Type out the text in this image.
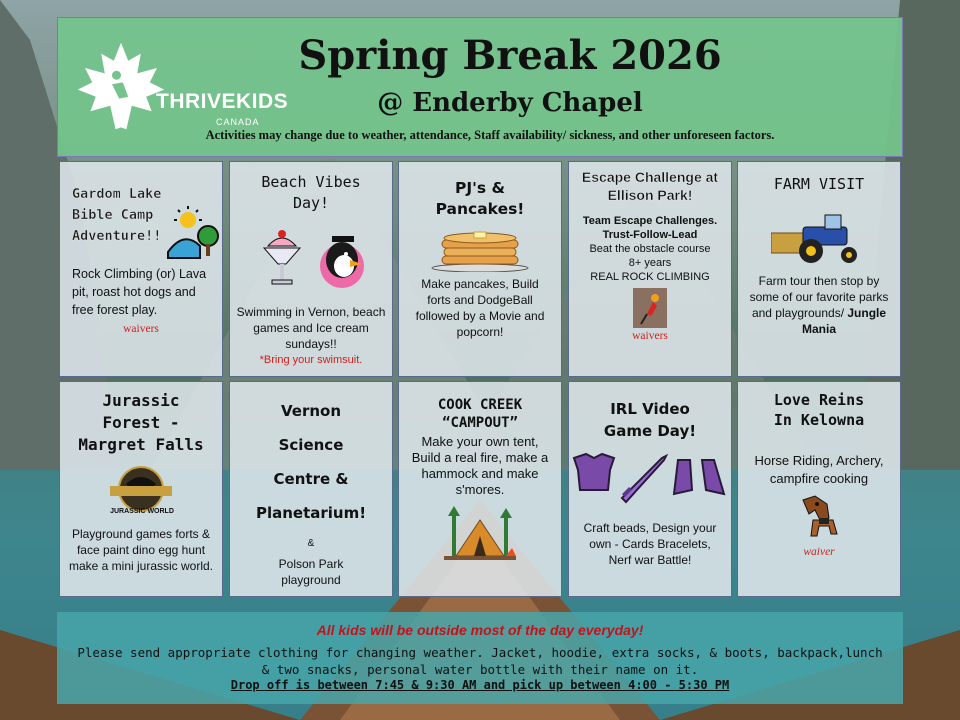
THRIVEKIDS
CANADA
Spring Break 2026
@ Enderby Chapel
Activities may change due to weather, attendance, Staff availability/ sickness, and other unforeseen factors.
Gardom Lake Bible Camp Adventure!!
Rock Climbing (or) Lava pit, roast hot dogs and free forest play.
waivers
Beach Vibes Day!
Swimming in Vernon, beach games and Ice cream sundays!!
*Bring your swimsuit.
PJ's & Pancakes!
Make pancakes, Build forts and DodgeBall followed by a Movie and popcorn!
Escape Challenge at Ellison Park!
Team Escape Challenges.
Trust-Follow-Lead
Beat the obstacle course
8+ years
REAL ROCK CLIMBING
waivers
FARM VISIT
Farm tour then stop by some of our favorite parks and playgrounds/ Jungle Mania
Jurassic Forest - Margret Falls
JURASSIC WORLD
Playground games forts & face paint dino egg hunt make a mini jurassic world.
Vernon Science Centre & Planetarium!
&
Polson Park playground
COOK CREEK “CAMPOUT”
Make your own tent, Build a real fire, make a hammock and make s'mores.
IRL Video Game Day!
Craft beads, Design your own - Cards Bracelets, Nerf war Battle!
Love Reins In Kelowna
Horse Riding, Archery, campfire cooking
waiver
All kids will be outside most of the day everyday!
Please send appropriate clothing for changing weather. Jacket, hoodie, extra socks, & boots, backpack,lunch & two snacks, personal water bottle with their name on it.
Drop off is between 7:45 & 9:30 AM and pick up between 4:00 - 5:30 PM
